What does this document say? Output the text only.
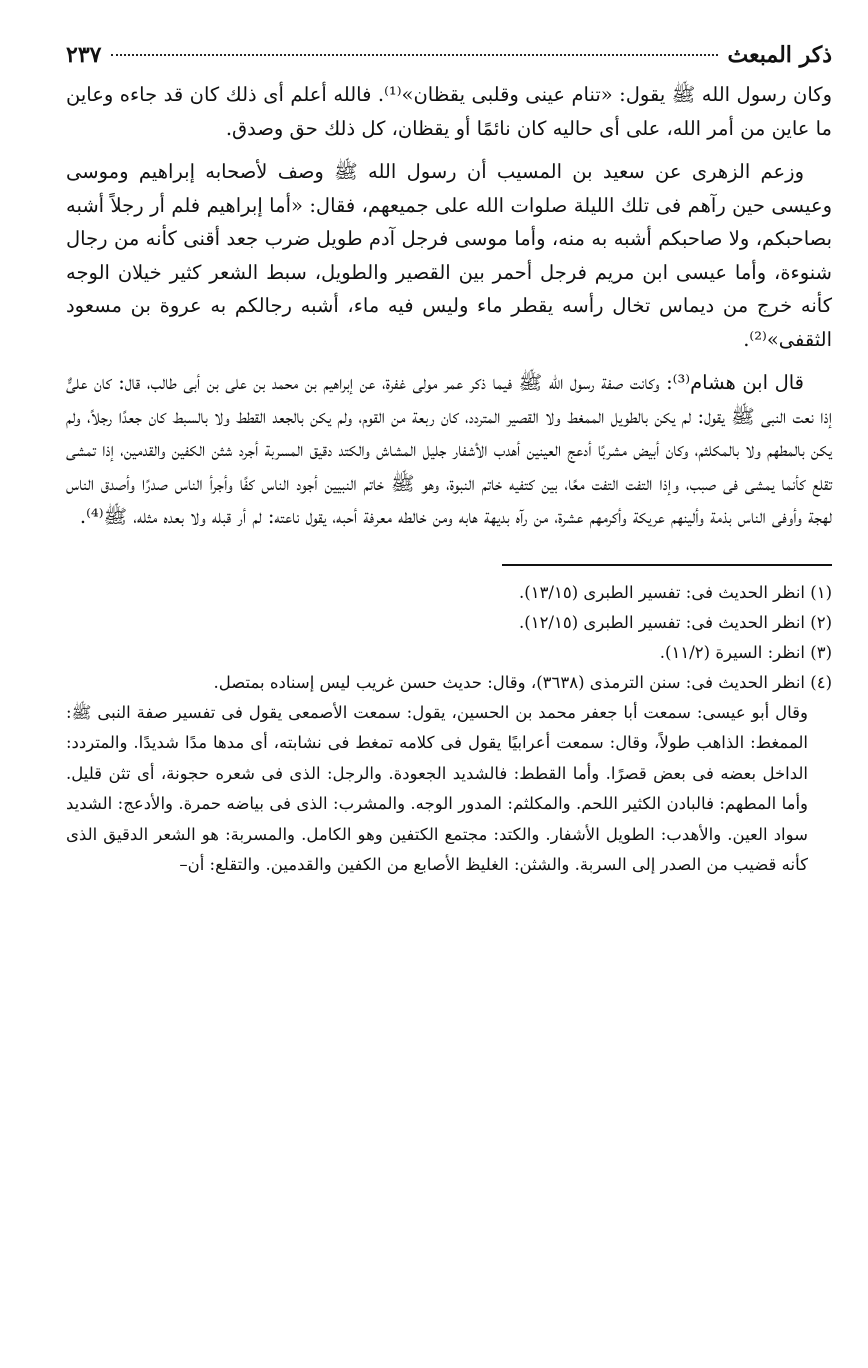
ذكر المبعث
٢٣٧

وكان رسول الله ﷺ يقول: «تنام عينى وقلبى يقظان»⁽¹⁾. فالله أعلم أى ذلك كان قد جاءه وعاين ما عاين من أمر الله، على أى حاليه كان نائمًا أو يقظان، كل ذلك حق وصدق.

وزعم الزهرى عن سعيد بن المسيب أن رسول الله ﷺ وصف لأصحابه إبراهيم وموسى وعيسى حين رآهم فى تلك الليلة صلوات الله على جميعهم، فقال: «أما إبراهيم فلم أر رجلاً أشبه بصاحبكم، ولا صاحبكم أشبه به منه، وأما موسى فرجل آدم طويل ضرب جعد أقنى كأنه من رجال شنوءة، وأما عيسى ابن مريم فرجل أحمر بين القصير والطويل، سبط الشعر كثير خيلان الوجه كأنه خرج من ديماس تخال رأسه يقطر ماء وليس فيه ماء، أشبه رجالكم به عروة بن مسعود الثقفى»⁽²⁾.

قال ابن هشام⁽³⁾: وكانت صفة رسول الله ﷺ فيما ذكر عمر مولى غفرة، عن إبراهيم بن محمد بن على بن أبى طالب، قال: كان علىٌّ إذا نعت النبى ﷺ يقول: لم يكن بالطويل الممغط ولا القصير المتردد، كان ربعة من القوم، ولم يكن بالجعد القطط ولا بالسبط كان جعدًا رجلاً، ولم يكن بالمطهم ولا بالمكلثم، وكان أبيض مشربًا أدعج العينين أهدب الأشفار جليل المشاش والكتد دقيق المسربة أجرد شثن الكفين والقدمين، إذا تمشى تقلع كأنما يمشى فى صبب، وإذا التفت التفت معًا، بين كتفيه خاتم النبوة، وهو ﷺ خاتم النبيين أجود الناس كفًا وأجرأ الناس صدرًا وأصدق الناس لهجة وأوفى الناس بذمة وألينهم عريكة وأكرمهم عشرة، من رآه بديهة هابه ومن خالطه معرفة أحبه، يقول ناعته: لم أر قبله ولا بعده مثله، ﷺ⁽⁴⁾.

(١) انظر الحديث فى: تفسير الطبرى (١٣/١٥).

(٢) انظر الحديث فى: تفسير الطبرى (١٢/١٥).

(٣) انظر: السيرة (١١/٢).

(٤) انظر الحديث فى: سنن الترمذى (٣٦٣٨)، وقال: حديث حسن غريب ليس إسناده بمتصل.

وقال أبو عيسى: سمعت أبا جعفر محمد بن الحسين، يقول: سمعت الأصمعى يقول فى تفسير صفة النبى ﷺ: الممغط: الذاهب طولاً، وقال: سمعت أعرابيًا يقول فى كلامه تمغط فى نشابته، أى مدها مدًا شديدًا. والمتردد: الداخل بعضه فى بعض قصرًا. وأما القطط: فالشديد الجعودة. والرجل: الذى فى شعره حجونة، أى تثن قليل. وأما المطهم: فالبادن الكثير اللحم. والمكلثم: المدور الوجه. والمشرب: الذى فى بياضه حمرة. والأدعج: الشديد سواد العين. والأهدب: الطويل الأشفار. والكتد: مجتمع الكتفين وهو الكامل. والمسربة: هو الشعر الدقيق الذى كأنه قضيب من الصدر إلى السربة. والشثن: الغليظ الأصابع من الكفين والقدمين. والتقلع: أن–
